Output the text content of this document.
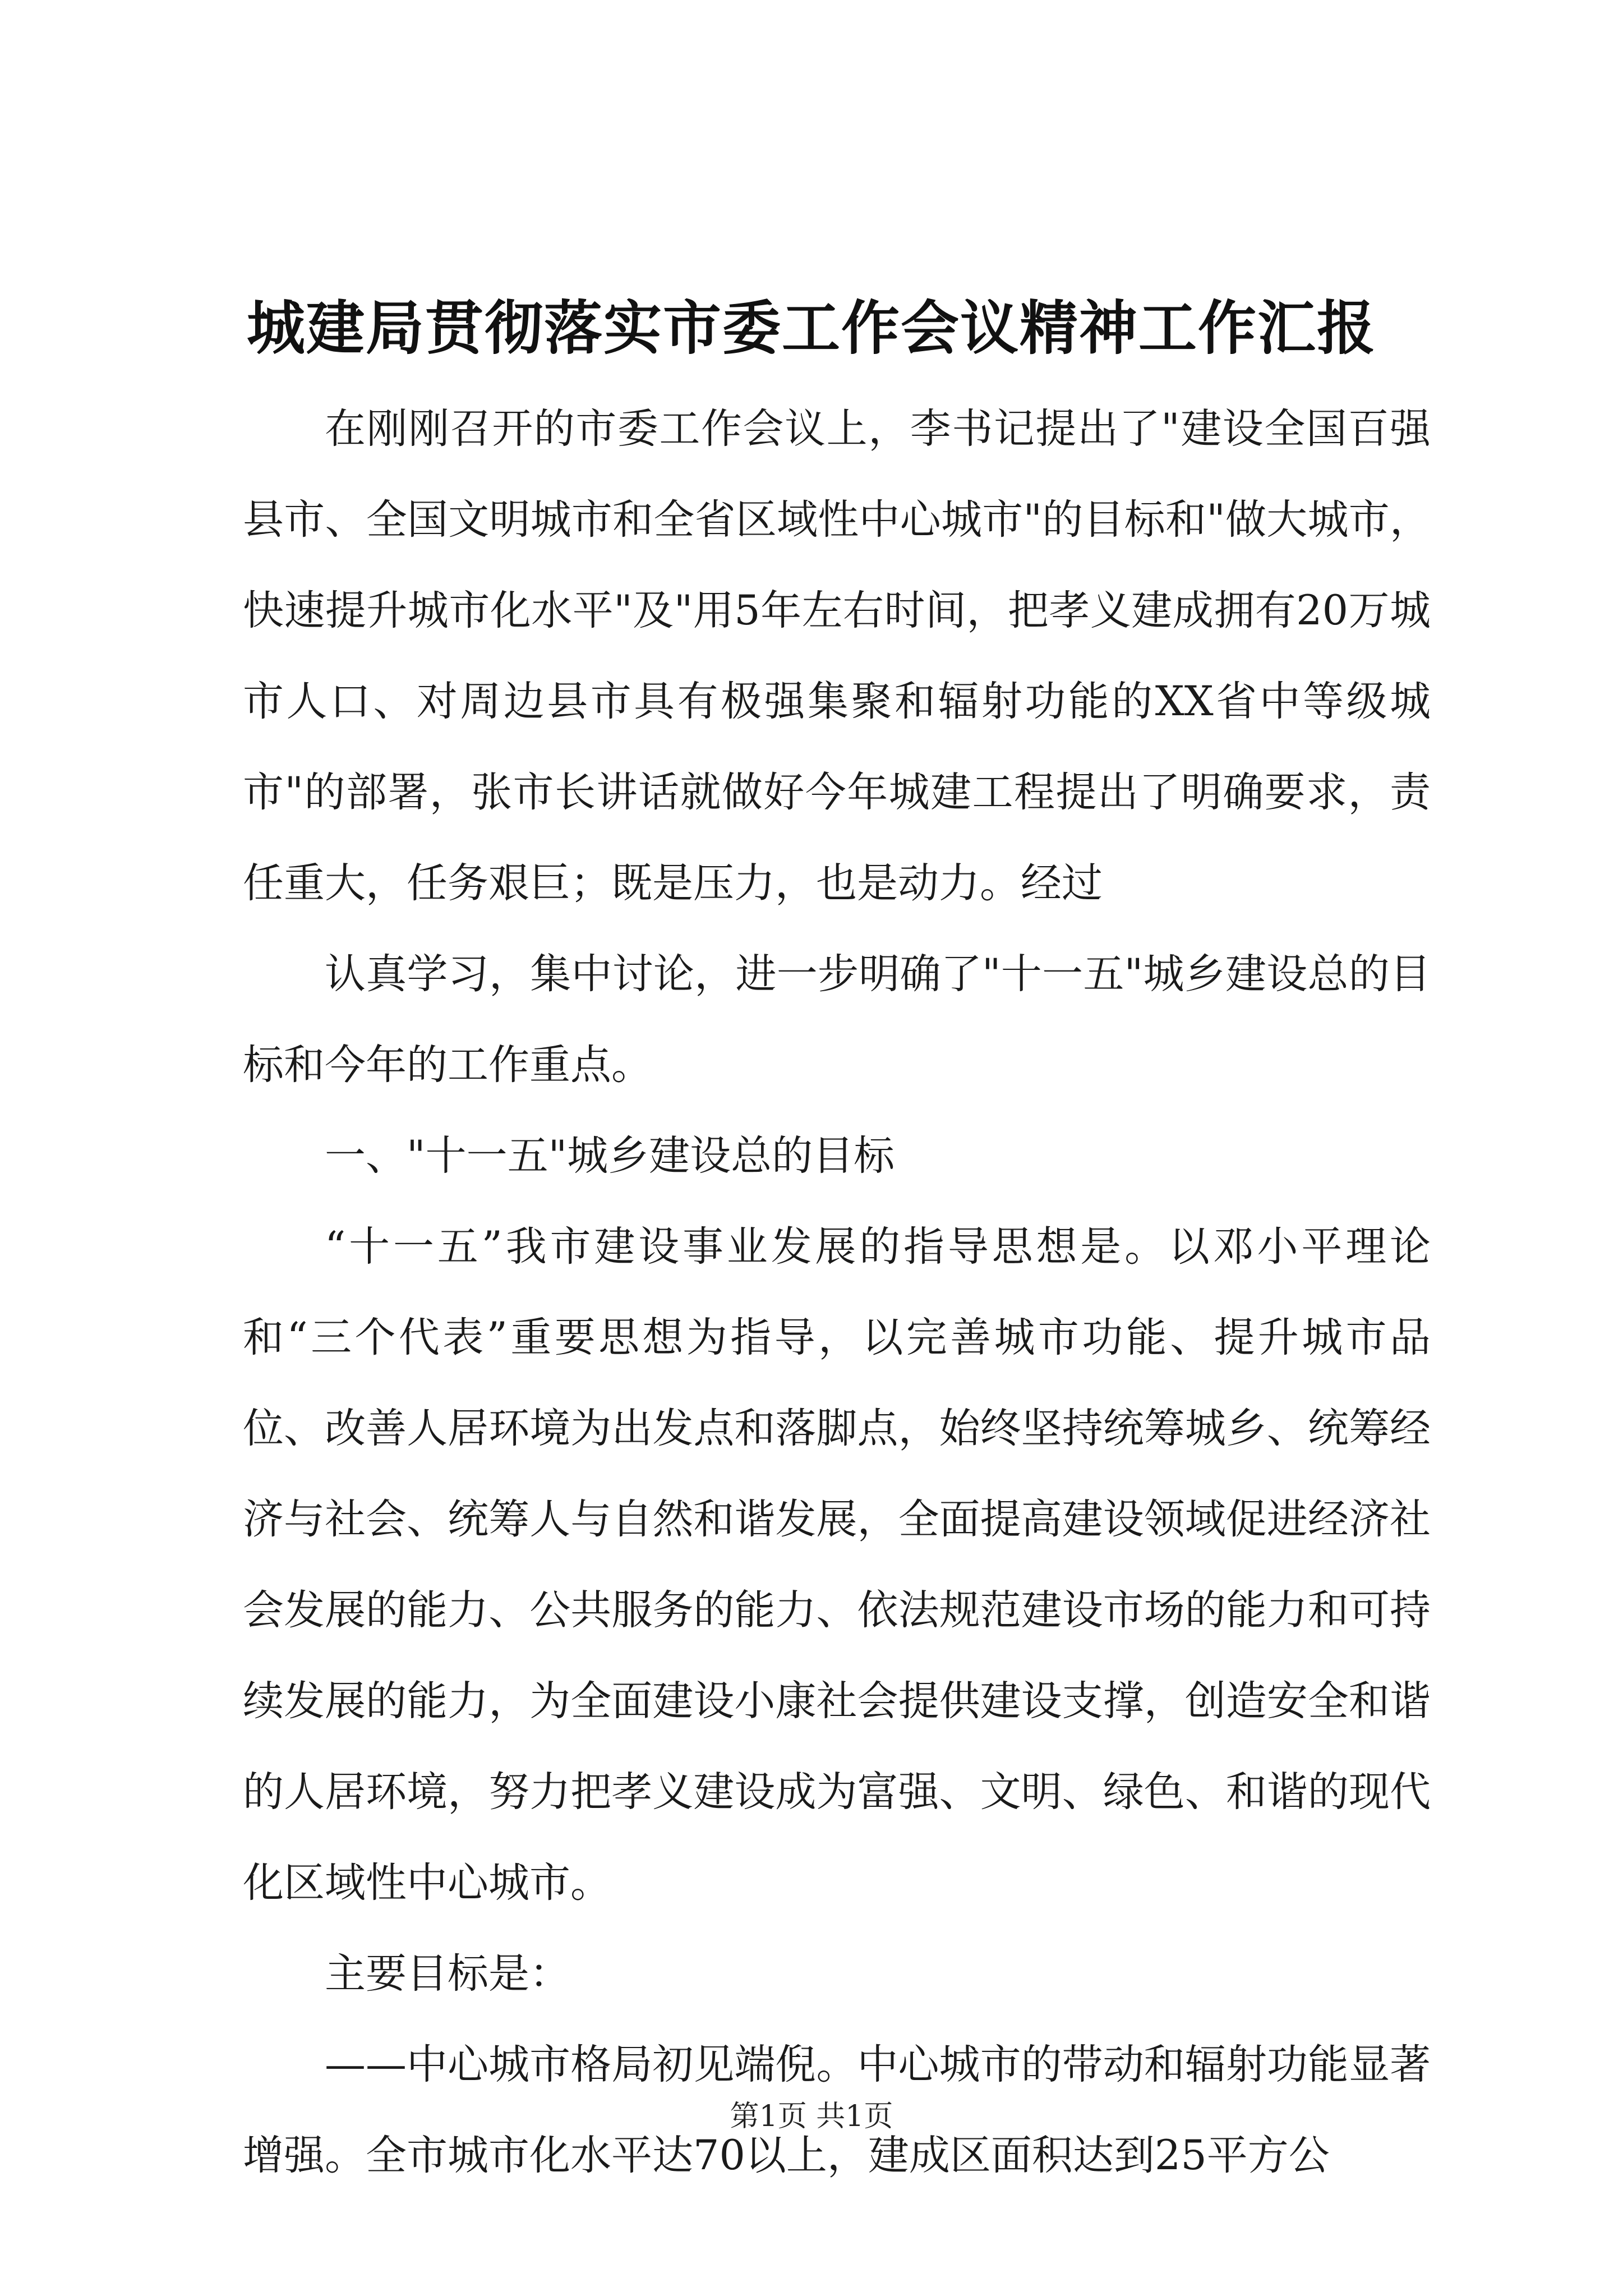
城建局贯彻落实市委工作会议精神工作汇报

在刚刚召开的市委工作会议上，李书记提出了"建设全国百强县市、全国文明城市和全省区域性中心城市"的目标和"做大城市，快速提升城市化水平"及"用5年左右时间，把孝义建成拥有20万城市人口、对周边县市具有极强集聚和辐射功能的XX省中等级城市"的部署，张市长讲话就做好今年城建工程提出了明确要求，责任重大，任务艰巨；既是压力，也是动力。经过

认真学习，集中讨论，进一步明确了"十一五"城乡建设总的目标和今年的工作重点。

一、"十一五"城乡建设总的目标

“十一五”我市建设事业发展的指导思想是。以邓小平理论和“三个代表”重要思想为指导，以完善城市功能、提升城市品位、改善人居环境为出发点和落脚点，始终坚持统筹城乡、统筹经济与社会、统筹人与自然和谐发展，全面提高建设领域促进经济社会发展的能力、公共服务的能力、依法规范建设市场的能力和可持续发展的能力，为全面建设小康社会提供建设支撑，创造安全和谐的人居环境，努力把孝义建设成为富强、文明、绿色、和谐的现代化区域性中心城市。

主要目标是：

——中心城市格局初见端倪。中心城市的带动和辐射功能显著增强。全市城市化水平达70以上，建成区面积达到25平方公

第1页 共1页
